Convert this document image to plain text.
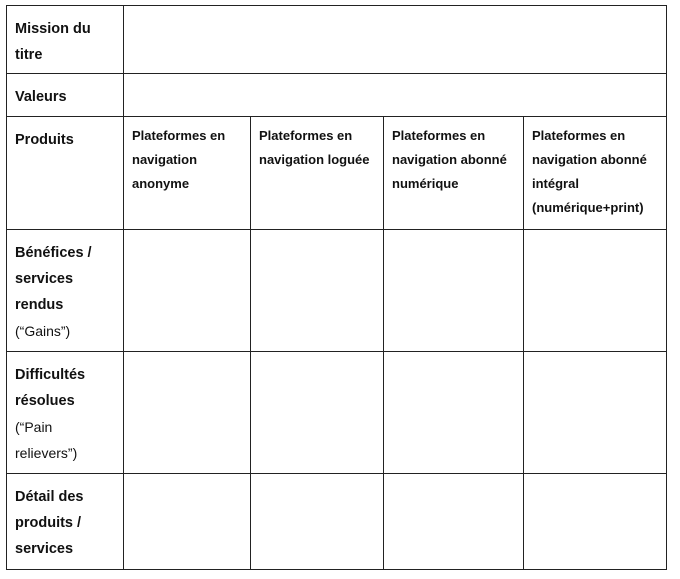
Mission du titre
Valeurs
Produits
Bénéfices / services rendus
(“Gains”)
Difficultés résolues
(“Pain relievers”)
Détail des produits / services
Plateformes en navigation anonyme
Plateformes en navigation loguée
Plateformes en navigation abonné numérique
Plateformes en navigation abonné intégral (numérique+print)
